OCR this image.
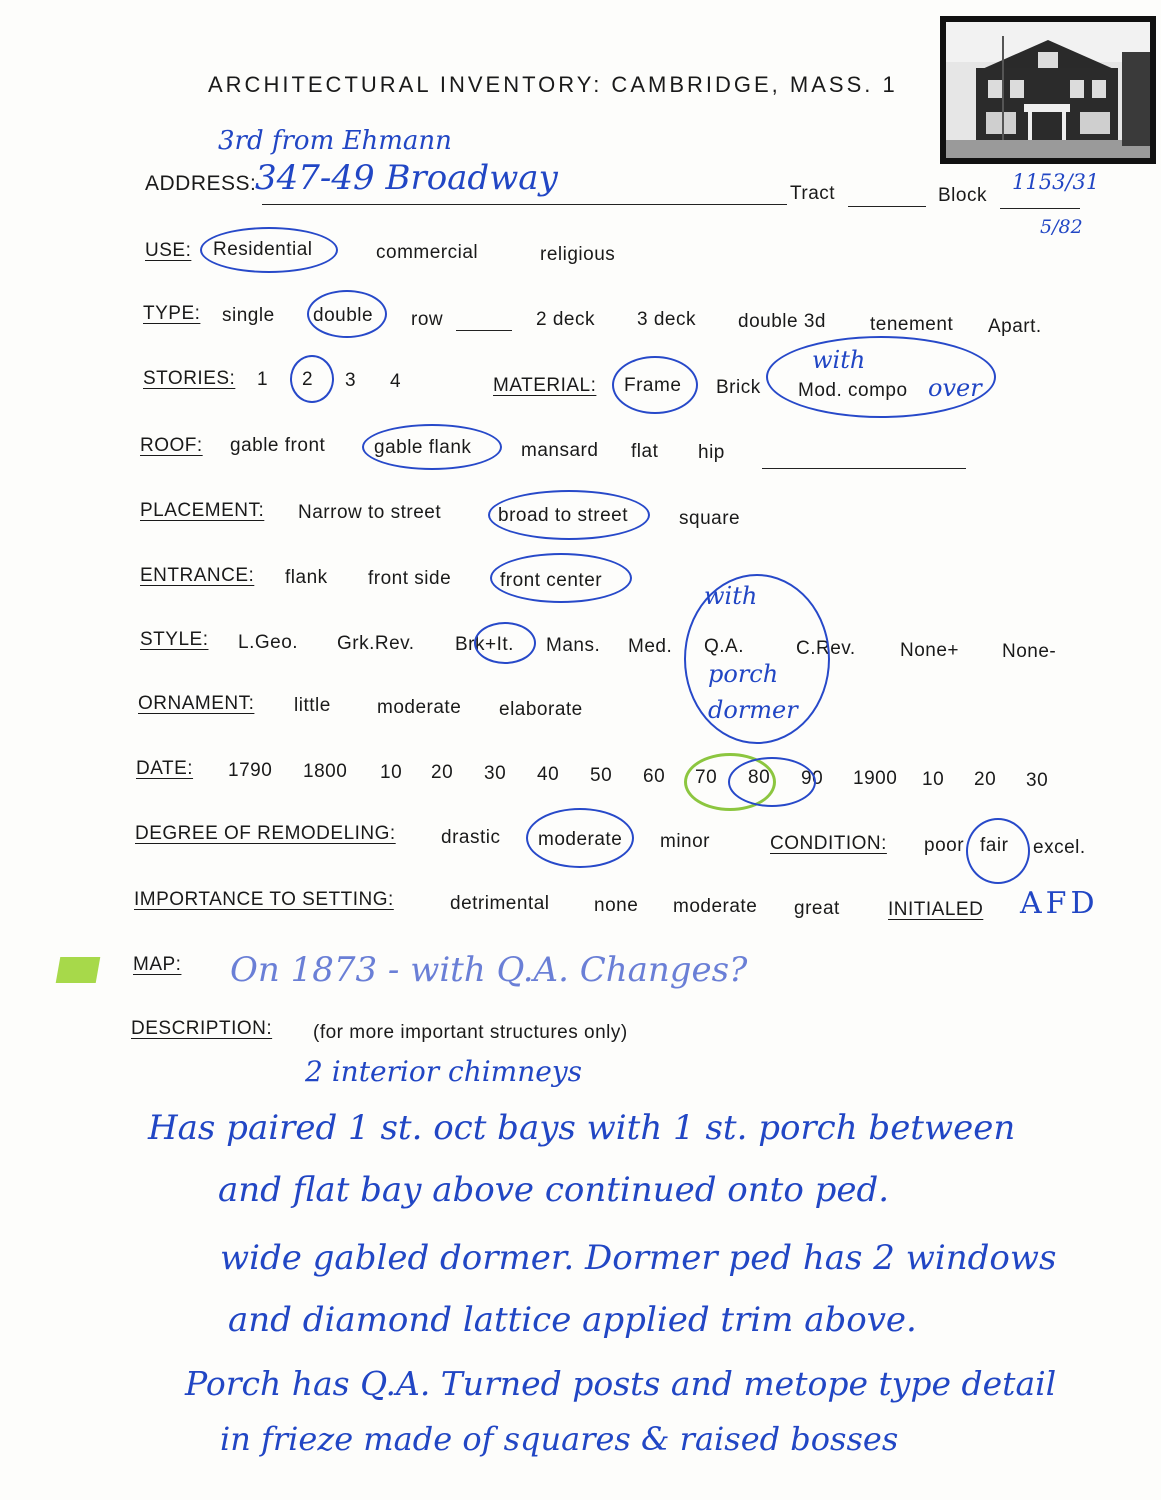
ARCHITECTURAL INVENTORY: CAMBRIDGE, MASS. 1
3rd from Ehmann
ADDRESS:
347-49 Broadway	Tract	Block
1153/31
5/82
USE: Residential	commercial	religious
TYPE: single double row	2 deck 3 deck double 3d tenement Apart.
STORIES: 1 2 3 4	MATERIAL: Frame Brick Mod. compo
with
over
ROOF: gable front	gable flank	mansard flat hip
PLACEMENT: Narrow to street	broad to street	square
ENTRANCE: flank front side	front center
STYLE: L.Geo. Grk.Rev. Brk+It. Mans. Med. Q.A.	C.Rev. None+ None-
with
porch
dormer
ORNAMENT: little moderate elaborate
DATE: 1790 1800 10 20 30 40 50 60 70 80 90 1900 10 20 30
DEGREE OF REMODELING: drastic moderate minor	CONDITION: poor fair excel.
IMPORTANCE TO SETTING:	detrimental none moderate great	INITIALED AFD
MAP: On 1873 - with Q.A. Changes?
DESCRIPTION: (for more important structures only)
2 interior chimneys
Has paired 1 st. oct bays with 1 st. porch between
and flat bay above continued onto ped.
wide gabled dormer. Dormer ped has 2 windows
and diamond lattice applied trim above.
Porch has Q.A. Turned posts and metope type detail
in frieze made of squares & raised bosses
